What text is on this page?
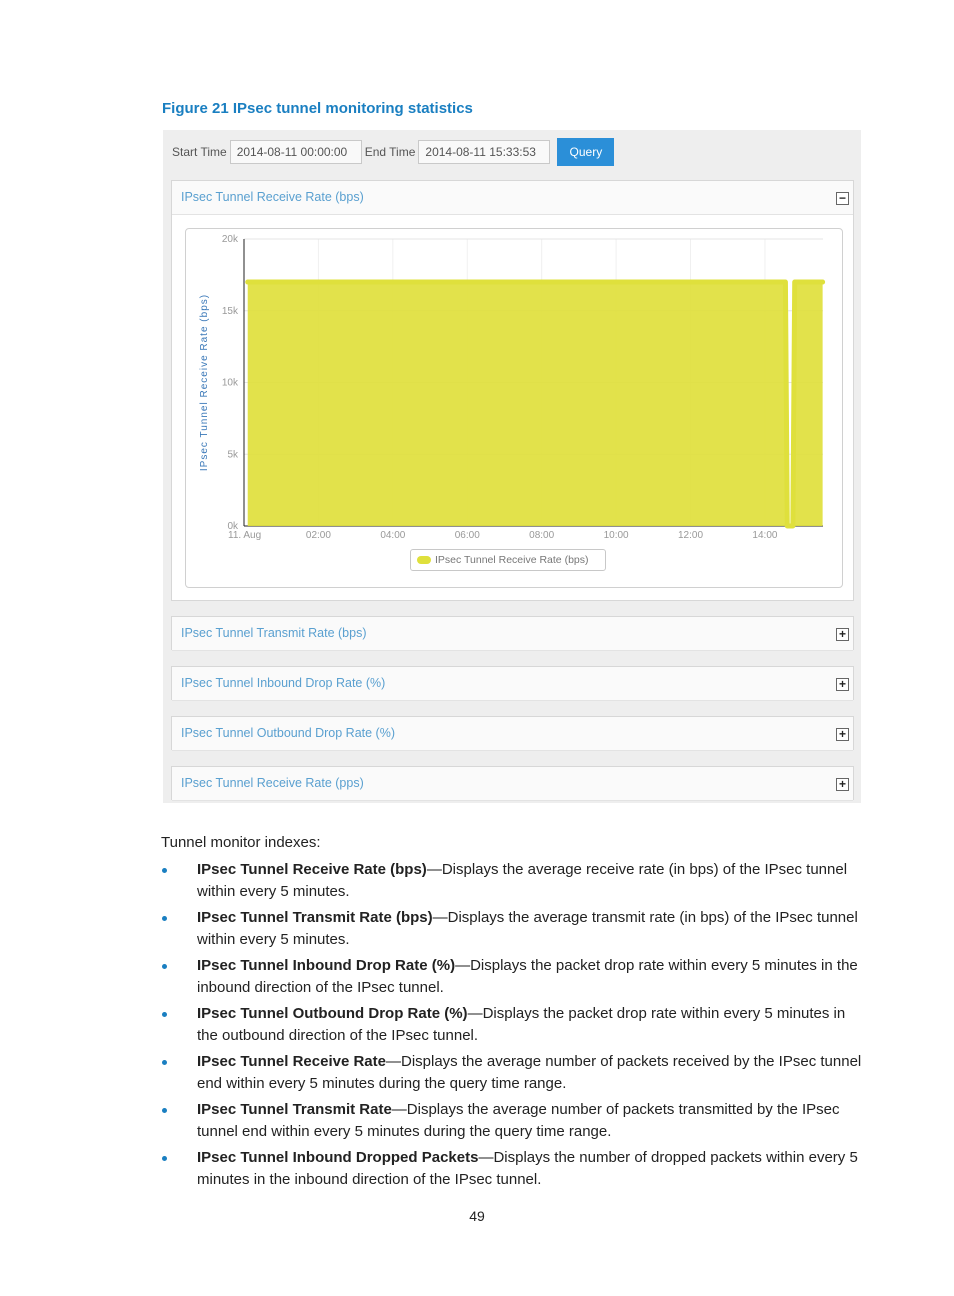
Figure 21 IPsec tunnel monitoring statistics
Start Time 2014-08-11 00:00:00	End Time 2014-08-11 15:33:53	Query
IPsec Tunnel Receive Rate (bps)	−
0k
5k
10k
15k
20k
11. Aug	02:00	04:00	06:00	08:00	10:00	12:00	14:00
IPsec Tunnel Receive Rate (bps)
IPsec Tunnel Receive Rate (bps)
IPsec Tunnel Transmit Rate (bps)	+
IPsec Tunnel Inbound Drop Rate (%)	+
IPsec Tunnel Outbound Drop Rate (%)	+
IPsec Tunnel Receive Rate (pps)	+
Tunnel monitor indexes:
IPsec Tunnel Receive Rate (bps)—Displays the average receive rate (in bps) of the IPsec tunnel within every 5 minutes.
IPsec Tunnel Transmit Rate (bps)—Displays the average transmit rate (in bps) of the IPsec tunnel within every 5 minutes.
IPsec Tunnel Inbound Drop Rate (%)—Displays the packet drop rate within every 5 minutes in the inbound direction of the IPsec tunnel.
IPsec Tunnel Outbound Drop Rate (%)—Displays the packet drop rate within every 5 minutes in the outbound direction of the IPsec tunnel.
IPsec Tunnel Receive Rate—Displays the average number of packets received by the IPsec tunnel end within every 5 minutes during the query time range.
IPsec Tunnel Transmit Rate—Displays the average number of packets transmitted by the IPsec tunnel end within every 5 minutes during the query time range.
IPsec Tunnel Inbound Dropped Packets—Displays the number of dropped packets within every 5 minutes in the inbound direction of the IPsec tunnel.
49
